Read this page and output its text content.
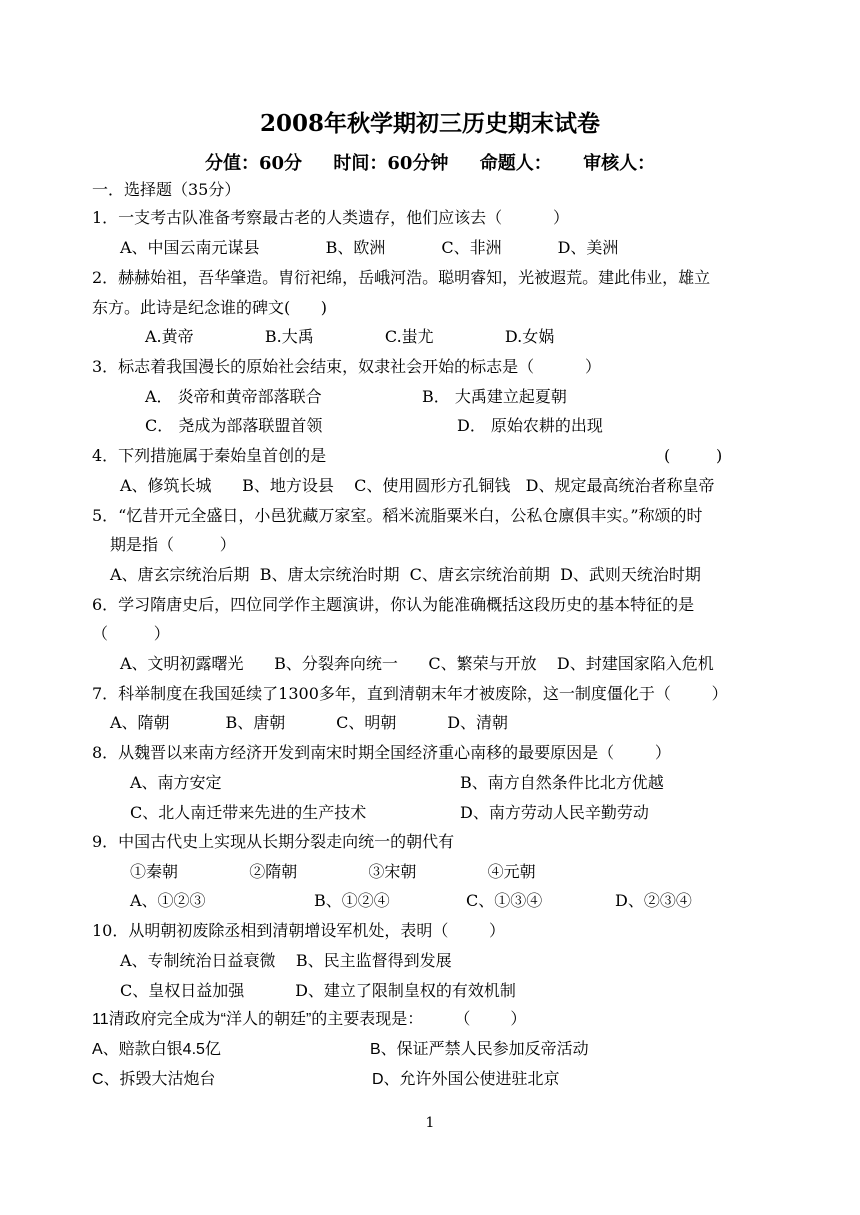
2008年秋学期初三历史期末试卷
分值：60分     时间：60分钟     命题人：     审核人：
一．选择题（35分）
1．一支考古队准备考察最古老的人类遗存，他们应该去（          ）
A、中国云南元谋县             B、欧洲           C、非洲           D、美洲
2．赫赫始祖，吾华肇造。胄衍祀绵，岳峨河浩。聪明睿知，光被遐荒。建此伟业，雄立
东方。此诗是纪念谁的碑文(      )
A.黄帝              B.大禹              C.蚩尤              D.女娲
3．标志着我国漫长的原始社会结束，奴隶社会开始的标志是（          ）
A． 炎帝和黄帝部落联合	B． 大禹建立起夏朝
C． 尧成为部落联盟首领	D． 原始农耕的出现
4．下列措施属于秦始皇首创的是	(         )
A、修筑长城      B、地方设县    C、使用圆形方孔铜钱   D、规定最高统治者称皇帝
5．“忆昔开元全盛日，小邑犹藏万家室。稻米流脂粟米白，公私仓廪俱丰实。”称颂的时
期是指（         ）
A、唐玄宗统治后期  B、唐太宗统治时期  C、唐玄宗统治前期  D、武则天统治时期
6．学习隋唐史后，四位同学作主题演讲，你认为能准确概括这段历史的基本特征的是
（         ）
A、文明初露曙光      B、分裂奔向统一      C、繁荣与开放    D、封建国家陷入危机
7．科举制度在我国延续了1300多年，直到清朝末年才被废除，这一制度僵化于（        ）
A、隋朝           B、唐朝          C、明朝          D、清朝
8．从魏晋以来南方经济开发到南宋时期全国经济重心南移的最要原因是（        ）
A、南方安定	B、南方自然条件比北方优越
C、北人南迁带来先进的生产技术	D、南方劳动人民辛勤劳动
9．中国古代史上实现从长期分裂走向统一的朝代有
①秦朝              ②隋朝              ③宋朝              ④元朝
A、①②③	B、①②④	C、①③④	D、②③④
10．从明朝初废除丞相到清朝增设军机处，表明（        ）
A、专制统治日益衰微    B、民主监督得到发展
C、皇权日益加强          D、建立了限制皇权的有效机制
11清政府完全成为“洋人的朝廷”的主要表现是：       （         ）
A、赔款白银4.5亿	B、保证严禁人民参加反帝活动
C、拆毁大沽炮台	D、允许外国公使进驻北京
1
